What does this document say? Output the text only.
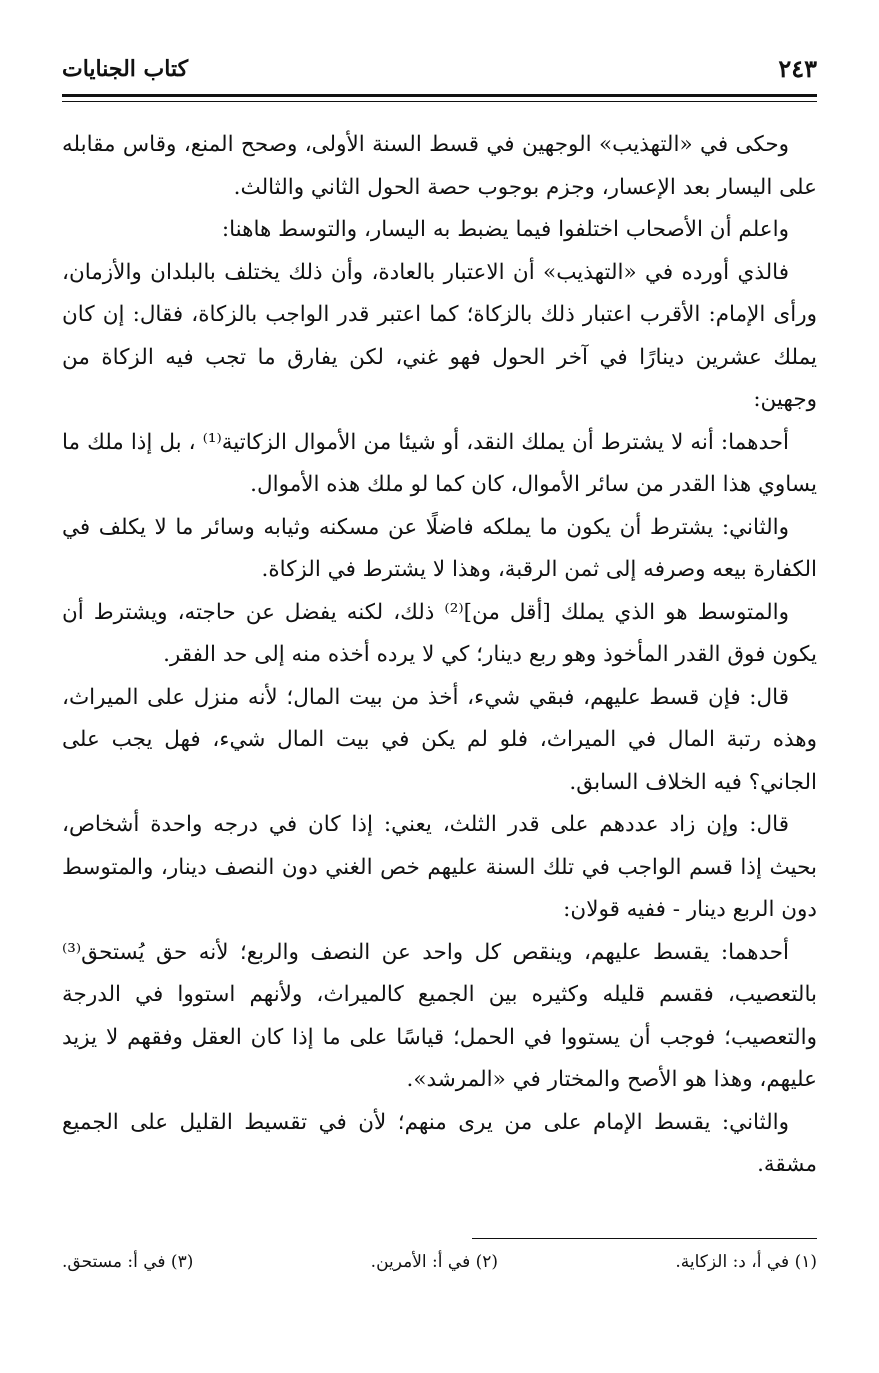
٢٤٣
كتاب الجنايات

وحكى في «التهذيب» الوجهين في قسط السنة الأولى، وصحح المنع، وقاس مقابله على اليسار بعد الإعسار، وجزم بوجوب حصة الحول الثاني والثالث.

واعلم أن الأصحاب اختلفوا فيما يضبط به اليسار، والتوسط هاهنا:

فالذي أورده في «التهذيب» أن الاعتبار بالعادة، وأن ذلك يختلف بالبلدان والأزمان، ورأى الإمام: الأقرب اعتبار ذلك بالزكاة؛ كما اعتبر قدر الواجب بالزكاة، فقال: إن كان يملك عشرين دينارًا في آخر الحول فهو غني، لكن يفارق ما تجب فيه الزكاة من وجهين:

أحدهما: أنه لا يشترط أن يملك النقد، أو شيئا من الأموال الزكاتية⁽¹⁾ ، بل إذا ملك ما يساوي هذا القدر من سائر الأموال، كان كما لو ملك هذه الأموال.

والثاني: يشترط أن يكون ما يملكه فاضلًا عن مسكنه وثيابه وسائر ما لا يكلف في الكفارة بيعه وصرفه إلى ثمن الرقبة، وهذا لا يشترط في الزكاة.

والمتوسط هو الذي يملك [أقل من]⁽²⁾ ذلك، لكنه يفضل عن حاجته، ويشترط أن يكون فوق القدر المأخوذ وهو ربع دينار؛ كي لا يرده أخذه منه إلى حد الفقر.

قال: فإن قسط عليهم، فبقي شيء، أخذ من بيت المال؛ لأنه منزل على الميراث، وهذه رتبة المال في الميراث، فلو لم يكن في بيت المال شيء، فهل يجب على الجاني؟ فيه الخلاف السابق.

قال: وإن زاد عددهم على قدر الثلث، يعني: إذا كان في درجه واحدة أشخاص، بحيث إذا قسم الواجب في تلك السنة عليهم خص الغني دون النصف دينار، والمتوسط دون الربع دينار - ففيه قولان:

أحدهما: يقسط عليهم، وينقص كل واحد عن النصف والربع؛ لأنه حق يُستحق⁽³⁾ بالتعصيب، فقسم قليله وكثيره بين الجميع كالميراث، ولأنهم استووا في الدرجة والتعصيب؛ فوجب أن يستووا في الحمل؛ قياسًا على ما إذا كان العقل وفقهم لا يزيد عليهم، وهذا هو الأصح والمختار في «المرشد».

والثاني: يقسط الإمام على من يرى منهم؛ لأن في تقسيط القليل على الجميع مشقة.

(١) في أ، د: الزكاية.
(٢) في أ: الأمرين.
(٣) في أ: مستحق.
